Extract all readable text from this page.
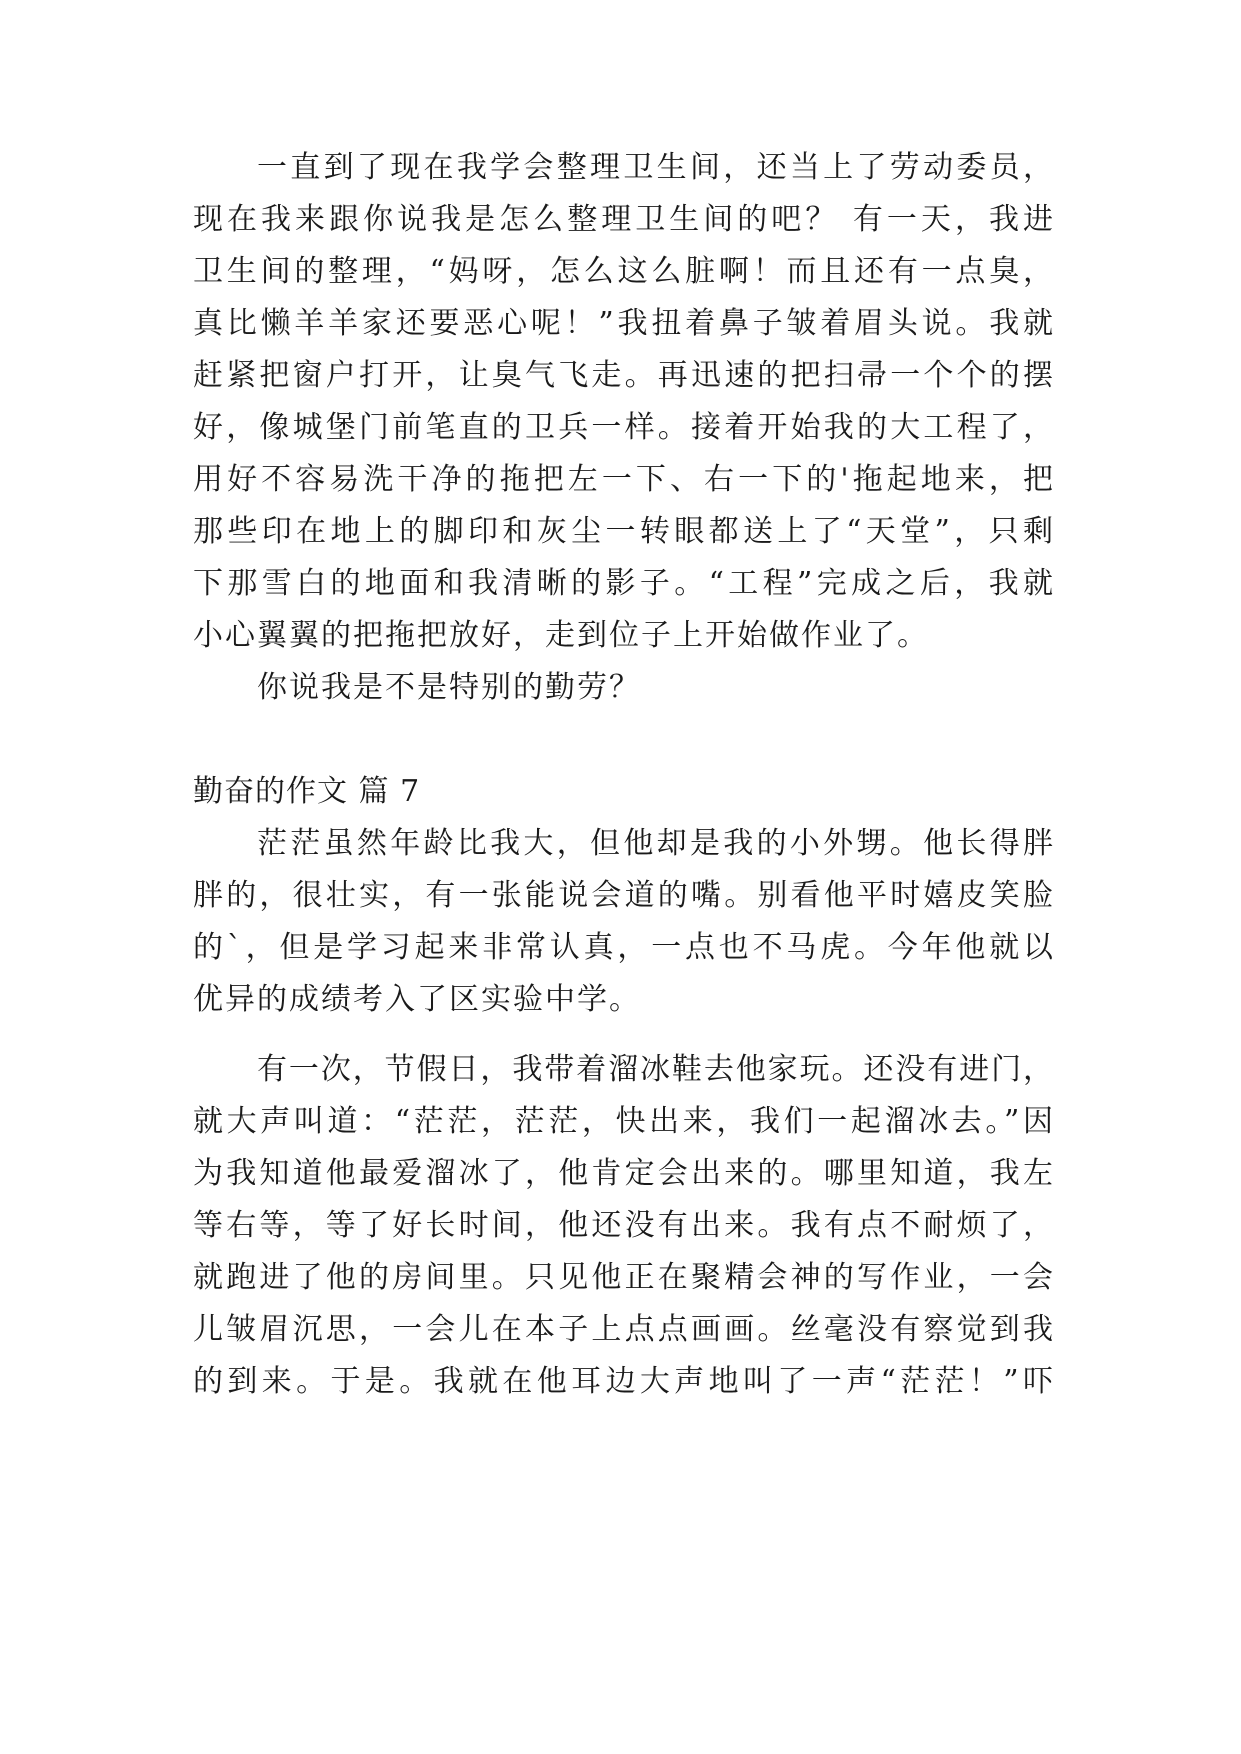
一直到了现在我学会整理卫生间，还当上了劳动委员，
现在我来跟你说我是怎么整理卫生间的吧？ 有一天，我进
卫生间的整理，“妈呀，怎么这么脏啊！而且还有一点臭，
真比懒羊羊家还要恶心呢！”我扭着鼻子皱着眉头说。我就
赶紧把窗户打开，让臭气飞走。再迅速的把扫帚一个个的摆
好，像城堡门前笔直的卫兵一样。接着开始我的大工程了，
用好不容易洗干净的拖把左一下、右一下的'拖起地来，把
那些印在地上的脚印和灰尘一转眼都送上了“天堂”，只剩
下那雪白的地面和我清晰的影子。“工程”完成之后，我就
小心翼翼的把拖把放好，走到位子上开始做作业了。
你说我是不是特别的勤劳？
勤奋的作文 篇 7
茫茫虽然年龄比我大，但他却是我的小外甥。他长得胖
胖的，很壮实，有一张能说会道的嘴。别看他平时嬉皮笑脸
的`，但是学习起来非常认真，一点也不马虎。今年他就以
优异的成绩考入了区实验中学。
有一次，节假日，我带着溜冰鞋去他家玩。还没有进门，
就大声叫道：“茫茫，茫茫，快出来，我们一起溜冰去。”因
为我知道他最爱溜冰了，他肯定会出来的。哪里知道，我左
等右等，等了好长时间，他还没有出来。我有点不耐烦了，
就跑进了他的房间里。只见他正在聚精会神的写作业，一会
儿皱眉沉思，一会儿在本子上点点画画。丝毫没有察觉到我
的到来。于是。我就在他耳边大声地叫了一声“茫茫！”吓
